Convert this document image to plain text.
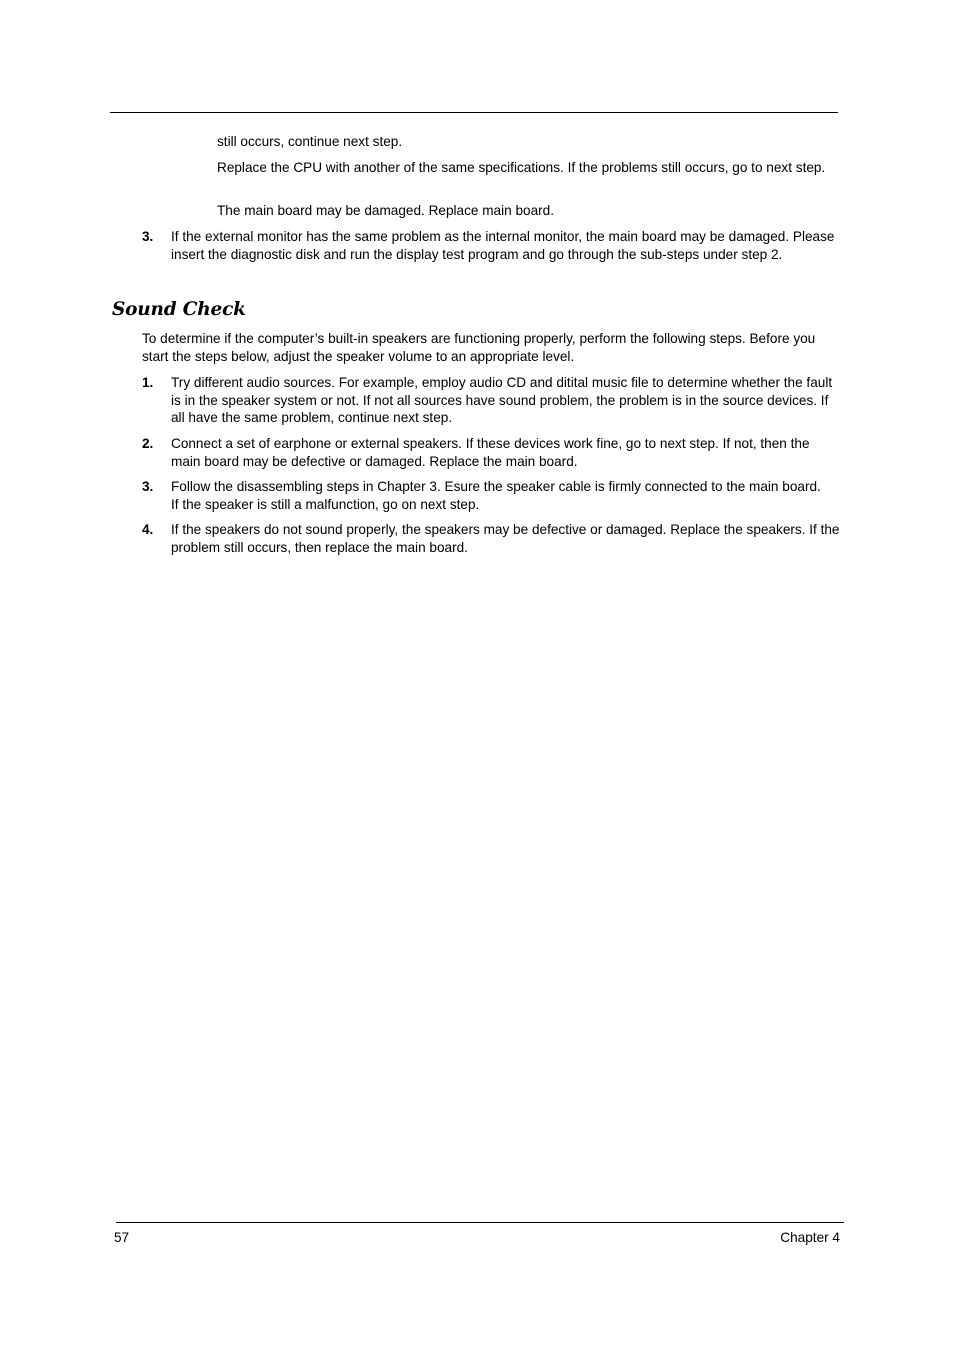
still occurs, continue next step.

Replace the CPU with another of the same specifications. If the problems still occurs, go to next step.

The main board may be damaged. Replace main board.

3. If the external monitor has the same problem as the internal monitor, the main board may be damaged. Please insert the diagnostic disk and run the display test program and go through the sub-steps under step 2.

Sound Check

To determine if the computer’s built-in speakers are functioning properly, perform the following steps. Before you start the steps below, adjust the speaker volume to an appropriate level.

1. Try different audio sources. For example, employ audio CD and ditital music file to determine whether the fault is in the speaker system or not. If not all sources have sound problem, the problem is in the source devices. If all have the same problem, continue next step.

2. Connect a set of earphone or external speakers. If these devices work fine, go to next step. If not, then the main board may be defective or damaged. Replace the main board.

3. Follow the disassembling steps in Chapter 3. Esure the speaker cable is firmly connected to the main board. If the speaker is still a malfunction, go on next step.

4. If the speakers do not sound properly, the speakers may be defective or damaged. Replace the speakers. If the problem still occurs, then replace the main board.

57	Chapter 4
